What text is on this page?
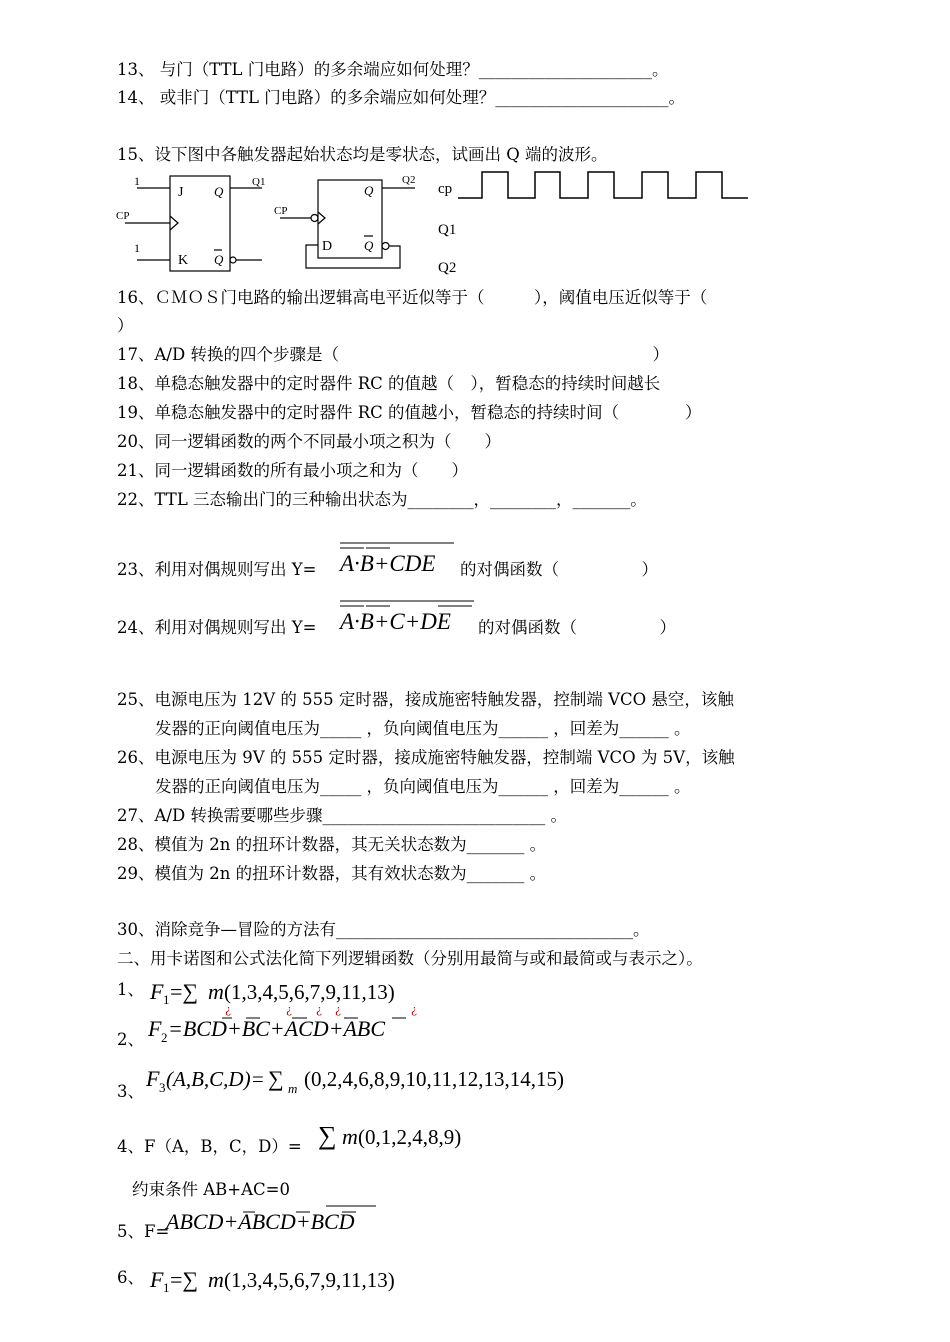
13、 与门（TTL 门电路）的多余端应如何处理？_____________________。
14、 或非门（TTL 门电路）的多余端应如何处理？_____________________。
15、设下图中各触发器起始状态均是零状态，试画出 Q 端的波形。
1
1
CP
J
K
Q
Q
Q1
CP
D
Q
Q
Q2
cp
Q1
Q2
16、ＣＭＯＳ门电路的输出逻辑高电平近似等于（　　　），阈值电压近似等于（
）
17、A/D 转换的四个步骤是（　　　　　　　　　　　　　　　　　　　）
18、单稳态触发器中的定时器件 RC 的值越（　），暂稳态的持续时间越长
19、单稳态触发器中的定时器件 RC 的值越小，暂稳态的持续时间（　　　　）
20、同一逻辑函数的两个不同最小项之积为（　　）
21、同一逻辑函数的所有最小项之和为（　　）
22、TTL 三态输出门的三种输出状态为________，________，_______。
23、利用对偶规则写出 Y= A·B+CDE 的对偶函数（　　　　　）
24、利用对偶规则写出 Y= A·B+C+DE 的对偶函数（　　　　　）
25、电源电压为 12V 的 555 定时器，接成施密特触发器，控制端 VCO 悬空，该触
发器的正向阈值电压为_____ ，负向阈值电压为______ ，回差为______ 。
26、电源电压为 9V 的 555 定时器，接成施密特触发器，控制端 VCO 为 5V，该触
发器的正向阈值电压为_____ ，负向阈值电压为______ ，回差为______ 。
27、A/D 转换需要哪些步骤___________________________ 。
28、模值为 2n 的扭环计数器，其无关状态数为_______ 。
29、模值为 2n 的扭环计数器，其有效状态数为_______ 。
30、消除竞争—冒险的方法有____________________________________。
二、用卡诺图和公式法化简下列逻辑函数（分别用最简与或和最简或与表示之）。
1、 F 1 =∑ m (1,3,4,5,6,7,9,11,13)
¿	¿ ¿ ¿	¿
2、 F 2 =BCD+BC+ACD+ABC
3、
F 3 (A,B,C,D)= ∑ m (0,2,4,6,8,9,10,11,12,13,14,15)
4、F（A，B，C，D）= ∑ m (0,1,2,4,8,9)
约束条件 AB+AC=0
5、F=
ABCD+ABCD+BCD
6、 F 1 =∑ m (1,3,4,5,6,7,9,11,13)
